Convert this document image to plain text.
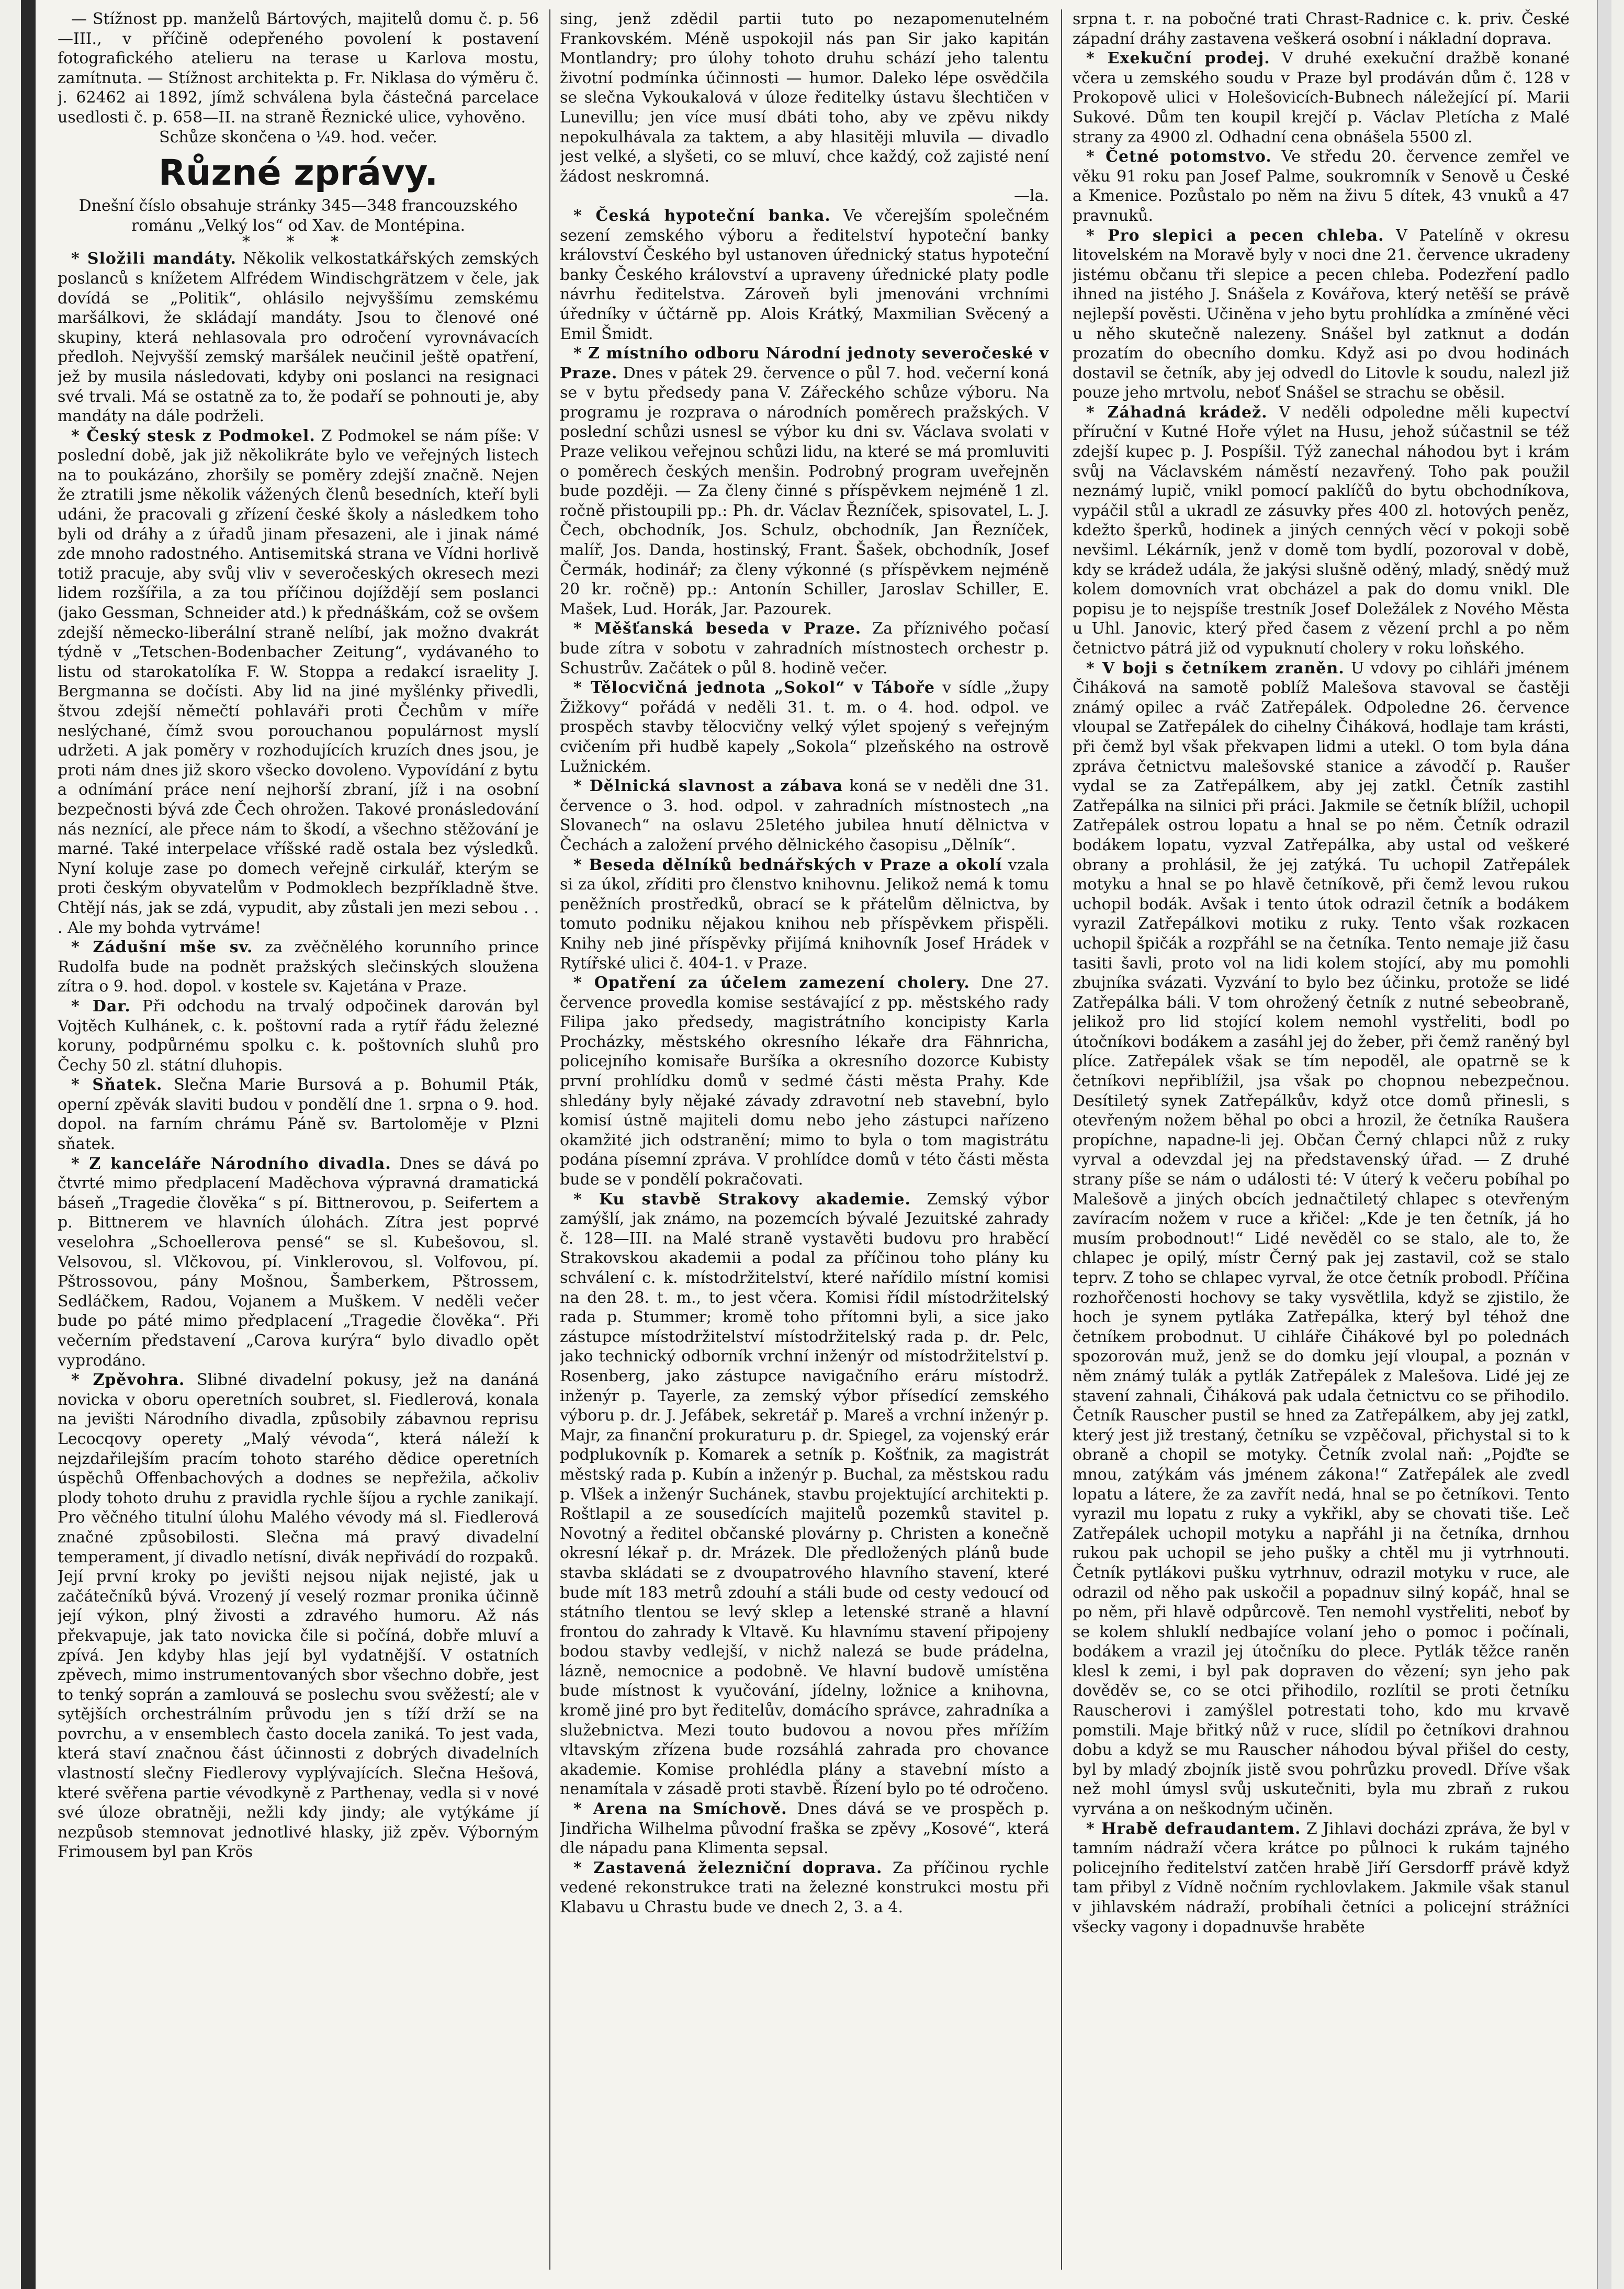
— Stížnost pp. manželů Bártových, majitelů domu č. p. 56—III., v příčině odepřeného povolení k postavení fotografického atelieru na terase u Karlova mostu, zamítnuta. — Stížnost architekta p. Fr. Niklasa do výměru č. j. 62462 ai 1892, jímž schválena byla částečná parcelace usedlosti č. p. 658—II. na straně Řeznické ulice, vyhověno.

Schůze skončena o ¼9. hod. večer.

Různé zprávy.

Dnešní číslo obsahuje stránky 345—348 francouzského románu „Velký los“ od Xav. de Montépina.

* * *

* Složili mandáty. Několik velkostatkářských zemských poslanců s knížetem Alfrédem Windischgrätzem v čele, jak dovídá se „Politik“, ohlásilo nejvyššímu zemskému maršálkovi, že skládají mandáty. Jsou to členové oné skupiny, která nehlasovala pro odročení vyrovnávacích předloh. Nejvyšší zemský maršálek neučinil ještě opatření, jež by musila následovati, kdyby oni poslanci na resignaci své trvali. Má se ostatně za to, že podaří se pohnouti je, aby mandáty na dále podrželi.

* Český stesk z Podmokel. Z Podmokel se nám píše: V poslední době, jak již několikráte bylo ve veřejných listech na to poukázáno, zhoršily se poměry zdejší značně. Nejen že ztratili jsme několik vážených členů besedních, kteří byli udáni, že pracovali g zřízení české školy a následkem toho byli od dráhy a z úřadů jinam přesazeni, ale i jinak námé zde mnoho radostného. Antisemitská strana ve Vídni horlivě totiž pracuje, aby svůj vliv v severočeských okresech mezi lidem rozšířila, a za tou příčinou dojíždějí sem poslanci (jako Gessman, Schneider atd.) k přednáškám, což se ovšem zdejší německo-liberální straně nelíbí, jak možno dvakrát týdně v „Tetschen-Bodenbacher Zeitung“, vydávaného to listu od starokatolíka F. W. Stoppa a redakcí israelity J. Bergmanna se dočísti. Aby lid na jiné myšlénky přivedli, štvou zdejší němečtí pohlaváři proti Čechům v míře neslýchané, čímž svou porouchanou populárnost myslí udržeti. A jak poměry v rozhodujících kruzích dnes jsou, je proti nám dnes již skoro všecko dovoleno. Vypovídání z bytu a odnímání práce není nejhorší zbraní, jíž i na osobní bezpečnosti bývá zde Čech ohrožen. Takové pronásledování nás neznící, ale přece nám to škodí, a všechno stěžování je marné. Také interpelace vříšské radě ostala bez výsledků. Nyní koluje zase po domech veřejně cirkulář, kterým se proti českým obyvatelům v Podmoklech bezpříkladně štve. Chtějí nás, jak se zdá, vypudit, aby zůstali jen mezi sebou . . . Ale my bohda vytrváme!

* Zádušní mše sv. za zvěčnělého korunního prince Rudolfa bude na podnět pražských slečinských sloužena zítra o 9. hod. dopol. v kostele sv. Kajetána v Praze.

* Dar. Při odchodu na trvalý odpočinek darován byl Vojtěch Kulhánek, c. k. poštovní rada a rytíř řádu železné koruny, podpůrnému spolku c. k. poštovních sluhů pro Čechy 50 zl. státní dluhopis.

* Sňatek. Slečna Marie Bursová a p. Bohumil Pták, operní zpěvák slaviti budou v pondělí dne 1. srpna o 9. hod. dopol. na farním chrámu Páně sv. Bartoloměje v Plzni sňatek.

* Z kanceláře Národního divadla. Dnes se dává po čtvrté mimo předplacení Maděchova výpravná dramatická báseň „Tragedie člověka“ s pí. Bittnerovou, p. Seifertem a p. Bittnerem ve hlavních úlohách. Zítra jest poprvé veselohra „Schoellerova pensé“ se sl. Kubešovou, sl. Velsovou, sl. Vlčkovou, pí. Vinklerovou, sl. Volfovou, pí. Pštrossovou, pány Mošnou, Šamberkem, Pštrossem, Sedláčkem, Radou, Vojanem a Muškem. V neděli večer bude po páté mimo předplacení „Tragedie člověka“. Při večerním představení „Carova kurýra“ bylo divadlo opět vyprodáno.

* Zpěvohra. Slibné divadelní pokusy, jež na danáná novicka v oboru operetních soubret, sl. Fiedlerová, konala na jevišti Národního divadla, způsobily zábavnou reprisu Lecocqovy operety „Malý vévoda“, která náleží k nejzdařilejším pracím tohoto starého dědice operetních úspěchů Offenbachových a dodnes se nepřežila, ačkoliv plody tohoto druhu z pravidla rychle šíjou a rychle zanikají. Pro věčného titulní úlohu Malého vévody má sl. Fiedlerová značné způsobilosti. Slečna má pravý divadelní temperament, jí divadlo netísní, divák nepřivádí do rozpaků. Její první kroky po jevišti nejsou nijak nejisté, jak u začátečníků bývá. Vrozený jí veselý rozmar pronika účinně její výkon, plný živosti a zdravého humoru. Až nás překvapuje, jak tato novicka čile si počíná, dobře mluví a zpívá. Jen kdyby hlas její byl vydatnější. V ostatních zpěvech, mimo instrumentovaných sbor všechno dobře, jest to tenký soprán a zamlouvá se poslechu svou svěžestí; ale v sytějších orchestrálním průvodu jen s tíží drží se na povrchu, a v ensemblech často docela zaniká. To jest vada, která staví značnou část účinnosti z dobrých divadelních vlastností slečny Fiedlerovy vyplývajících. Slečna Hešová, které svěřena partie vévodkyně z Parthenay, vedla si v nové své úloze obratněji, nežli kdy jindy; ale vytýkáme jí nezpůsob stemnovat jednotlivé hlasky, již zpěv. Výborným Frimousem byl pan Krös

sing, jenž zdědil partii tuto po nezapomenutelném Frankovském. Méně uspokojil nás pan Sir jako kapitán Montlandry; pro úlohy tohoto druhu schází jeho talentu životní podmínka účinnosti — humor. Daleko lépe osvědčila se slečna Vykoukalová v úloze ředitelky ústavu šlechtičen v Lunevillu; jen více musí dbáti toho, aby ve zpěvu nikdy nepokulhávala za taktem, a aby hlasitěji mluvila — divadlo jest velké, a slyšeti, co se mluví, chce každý, což zajisté není žádost neskromná.

—la.

* Česká hypoteční banka. Ve včerejším společném sezení zemského výboru a ředitelství hypoteční banky království Českého byl ustanoven úřednický status hypoteční banky Českého království a upraveny úřednické platy podle návrhu ředitelstva. Zároveň byli jmenováni vrchními úředníky v účtárně pp. Alois Krátký, Maxmilian Svěcený a Emil Šmidt.

* Z místního odboru Národní jednoty severočeské v Praze. Dnes v pátek 29. července o půl 7. hod. večerní koná se v bytu předsedy pana V. Zářeckého schůze výboru. Na programu je rozprava o národních poměrech pražských. V poslední schůzi usnesl se výbor ku dni sv. Václava svolati v Praze velikou veřejnou schůzi lidu, na které se má promluviti o poměrech českých menšin. Podrobný program uveřejněn bude později. — Za členy činné s příspěvkem nejméně 1 zl. ročně přistoupili pp.: Ph. dr. Václav Řezníček, spisovatel, L. J. Čech, obchodník, Jos. Schulz, obchodník, Jan Řezníček, malíř, Jos. Danda, hostinský, Frant. Šašek, obchodník, Josef Čermák, hodinář; za členy výkonné (s příspěvkem nejméně 20 kr. ročně) pp.: Antonín Schiller, Jaroslav Schiller, E. Mašek, Lud. Horák, Jar. Pazourek.

* Měšťanská beseda v Praze. Za příznivého počasí bude zítra v sobotu v zahradních místnostech orchestr p. Schustrův. Začátek o půl 8. hodině večer.

* Tělocvičná jednota „Sokol“ v Táboře v sídle „župy Žižkovy“ pořádá v neděli 31. t. m. o 4. hod. odpol. ve prospěch stavby tělocvičny velký výlet spojený s veřejným cvičením při hudbě kapely „Sokola“ plzeňského na ostrově Lužnickém.

* Dělnická slavnost a zábava koná se v neděli dne 31. července o 3. hod. odpol. v zahradních místnostech „na Slovanech“ na oslavu 25letého jubilea hnutí dělnictva v Čechách a založení prvého dělnického časopisu „Dělník“.

* Beseda dělníků bednářských v Praze a okolí vzala si za úkol, zříditi pro členstvo knihovnu. Jelikož nemá k tomu peněžních prostředků, obrací se k přátelům dělnictva, by tomuto podniku nějakou knihou neb příspěvkem přispěli. Knihy neb jiné příspěvky přijímá knihovník Josef Hrádek v Rytířské ulici č. 404-1. v Praze.

* Opatření za účelem zamezení cholery. Dne 27. července provedla komise sestávající z pp. městského rady Filipa jako předsedy, magistrátního koncipisty Karla Procházky, městského okresního lékaře dra Fähnricha, policejního komisaře Buršíka a okresního dozorce Kubisty první prohlídku domů v sedmé části města Prahy. Kde shledány byly nějaké závady zdravotní neb stavební, bylo komisí ústně majiteli domu nebo jeho zástupci nařízeno okamžité jich odstranění; mimo to byla o tom magistrátu podána písemní zpráva. V prohlídce domů v této části města bude se v pondělí pokračovati.

* Ku stavbě Strakovy akademie. Zemský výbor zamýšlí, jak známo, na pozemcích bývalé Jezuitské zahrady č. 128—III. na Malé straně vystavěti budovu pro hraběcí Strakovskou akademii a podal za příčinou toho plány ku schválení c. k. místodržitelství, které nařídilo místní komisi na den 28. t. m., to jest včera. Komisi řídil místodržitelský rada p. Stummer; kromě toho přítomni byli, a sice jako zástupce místodržitelství místodržitelský rada p. dr. Pelc, jako technický odborník vrchní inženýr od místodržitelství p. Rosenberg, jako zástupce navigačního eráru místodrž. inženýr p. Tayerle, za zemský výbor přísedící zemského výboru p. dr. J. Jefábek, sekretář p. Mareš a vrchní inženýr p. Majr, za finanční prokuraturu p. dr. Spiegel, za vojenský erár podplukovník p. Komarek a setník p. Košťnik, za magistrát městský rada p. Kubín a inženýr p. Buchal, za městskou radu p. Vlšek a inženýr Suchánek, stavbu projektující architekti p. Roštlapil a ze sousedících majitelů pozemků stavitel p. Novotný a ředitel občanské plovárny p. Christen a konečně okresní lékař p. dr. Mrázek. Dle předložených plánů bude stavba skládati se z dvoupatrového hlavního stavení, které bude mít 183 metrů zdouhí a stáli bude od cesty vedoucí od státního tlentou se levý sklep a letenské straně a hlavní frontou do zahrady k Vltavě. Ku hlavnímu stavení připojeny bodou stavby vedlejší, v nichž nalezá se bude prádelna, lázně, nemocnice a podobně. Ve hlavní budově umístěna bude místnost k vyučování, jídelny, ložnice a knihovna, kromě jiné pro byt ředitelův, domácího správce, zahradníka a služebnictva. Mezi touto budovou a novou přes mřížím vltavským zřízena bude rozsáhlá zahrada pro chovance akademie. Komise prohlédla plány a stavební místo a nenamítala v zásadě proti stavbě. Řízení bylo po té odročeno.

* Arena na Smíchově. Dnes dává se ve prospěch p. Jindřicha Wilhelma původní fraška se zpěvy „Kosové“, která dle nápadu pana Klimenta sepsal.

* Zastavená železniční doprava. Za příčinou rychle vedené rekonstrukce trati na železné konstrukci mostu při Klabavu u Chrastu bude ve dnech 2, 3. a 4.

srpna t. r. na pobočné trati Chrast-Radnice c. k. priv. České západní dráhy zastavena veškerá osobní i nákladní doprava.

* Exekuční prodej. V druhé exekuční dražbě konané včera u zemského soudu v Praze byl prodáván dům č. 128 v Prokopově ulici v Holešovicích-Bubnech náležející pí. Marii Sukové. Dům ten koupil krejčí p. Václav Pletícha z Malé strany za 4900 zl. Odhadní cena obnášela 5500 zl.

* Četné potomstvo. Ve středu 20. července zemřel ve věku 91 roku pan Josef Palme, soukromník v Senově u České a Kmenice. Pozůstalo po něm na živu 5 dítek, 43 vnuků a 47 pravnuků.

* Pro slepici a pecen chleba. V Patelíně v okresu litovelském na Moravě byly v noci dne 21. července ukradeny jistému občanu tři slepice a pecen chleba. Podezření padlo ihned na jistého J. Snášela z Kovářova, který netěší se právě nejlepší pověsti. Učiněna v jeho bytu prohlídka a zmíněné věci u něho skutečně nalezeny. Snášel byl zatknut a dodán prozatím do obecního domku. Když asi po dvou hodinách dostavil se četník, aby jej odvedl do Litovle k soudu, nalezl již pouze jeho mrtvolu, neboť Snášel se strachu se oběsil.

* Záhadná krádež. V neděli odpoledne měli kupectví příruční v Kutné Hoře výlet na Husu, jehož súčastnil se též zdejší kupec p. J. Pospíšil. Týž zanechal náhodou byt i krám svůj na Václavském náměstí nezavřený. Toho pak použil neznámý lupič, vnikl pomocí paklíčů do bytu obchodníkova, vypáčil stůl a ukradl ze zásuvky přes 400 zl. hotových peněz, kdežto šperků, hodinek a jiných cenných věcí v pokoji sobě nevšiml. Lékárník, jenž v domě tom bydlí, pozoroval v době, kdy se krádež udála, že jakýsi slušně oděný, mladý, snědý muž kolem domovních vrat obcházel a pak do domu vnikl. Dle popisu je to nejspíše trestník Josef Doležálek z Nového Města u Uhl. Janovic, který před časem z vězení prchl a po něm četnictvo pátrá již od vypuknutí cholery v roku loňského.

* V boji s četníkem zraněn. U vdovy po cihláři jménem Čiháková na samotě poblíž Malešova stavoval se častěji známý opilec a rváč Zatřepálek. Odpoledne 26. července vloupal se Zatřepálek do cihelny Čiháková, hodlaje tam krásti, při čemž byl však překvapen lidmi a utekl. O tom byla dána zpráva četnictvu malešovské stanice a závodčí p. Raušer vydal se za Zatřepálkem, aby jej zatkl. Četník zastihl Zatřepálka na silnici při práci. Jakmile se četník blížil, uchopil Zatřepálek ostrou lopatu a hnal se po něm. Četník odrazil bodákem lopatu, vyzval Zatřepálka, aby ustal od veškeré obrany a prohlásil, že jej zatýká. Tu uchopil Zatřepálek motyku a hnal se po hlavě četníkově, při čemž levou rukou uchopil bodák. Avšak i tento útok odrazil četník a bodákem vyrazil Zatřepálkovi motiku z ruky. Tento však rozkacen uchopil špičák a rozpřáhl se na četníka. Tento nemaje již času tasiti šavli, proto vol na lidi kolem stojící, aby mu pomohli zbujníka svázati. Vyzvání to bylo bez účinku, protože se lidé Zatřepálka báli. V tom ohrožený četník z nutné sebeobraně, jelikož pro lid stojící kolem nemohl vystřeliti, bodl po útočníkovi bodákem a zasáhl jej do žeber, při čemž raněný byl plíce. Zatřepálek však se tím nepoděl, ale opatrně se k četníkovi nepřiblížil, jsa však po chopnou nebezpečnou. Desítiletý synek Zatřepálkův, když otce domů přinesli, s otevřeným nožem běhal po obci a hrozil, že četníka Raušera propíchne, napadne-li jej. Občan Černý chlapci nůž z ruky vyrval a odevzdal jej na představenský úřad. — Z druhé strany píše se nám o události té: V úterý k večeru pobíhal po Malešově a jiných obcích jednačtiletý chlapec s otevřeným zavíracím nožem v ruce a křičel: „Kde je ten četník, já ho musím probodnout!“ Lidé nevěděl co se stalo, ale to, že chlapec je opilý, místr Černý pak jej zastavil, což se stalo teprv. Z toho se chlapec vyrval, že otce četník probodl. Příčina rozhořčenosti hochovy se taky vysvětlila, když se zjistilo, že hoch je synem pytláka Zatřepálka, který byl téhož dne četníkem probodnut. U cihláře Čihákové byl po polednách spozorován muž, jenž se do domku její vloupal, a poznán v něm známý tulák a pytlák Zatřepálek z Malešova. Lidé jej ze stavení zahnali, Čiháková pak udala četnictvu co se přihodilo. Četník Rauscher pustil se hned za Zatřepálkem, aby jej zatkl, který jest již trestaný, četníku se vzpěčoval, přichystal si to k obraně a chopil se motyky. Četník zvolal naň: „Pojďte se mnou, zatýkám vás jménem zákona!“ Zatřepálek ale zvedl lopatu a látere, že za zavřít nedá, hnal se po četníkovi. Tento vyrazil mu lopatu z ruky a vykřikl, aby se chovati tiše. Leč Zatřepálek uchopil motyku a napřáhl ji na četníka, drnhou rukou pak uchopil se jeho pušky a chtěl mu ji vytrhnouti. Četník pytlákovi pušku vytrhnuv, odrazil motyku v ruce, ale odrazil od něho pak uskočil a popadnuv silný kopáč, hnal se po něm, při hlavě odpůrcově. Ten nemohl vystřeliti, neboť by se kolem shluklí nedbajíce volaní jeho o pomoc i počínali, bodákem a vrazil jej útočníku do plece. Pytlák těžce raněn klesl k zemi, i byl pak dopraven do vězení; syn jeho pak dověděv se, co se otci přihodilo, rozlítil se proti četníku Rauscherovi i zamýšlel potrestati toho, kdo mu krvavě pomstili. Maje břitký nůž v ruce, slídil po četníkovi drahnou dobu a když se mu Rauscher náhodou býval přišel do cesty, byl by mladý zbojník jistě svou pohrůzku provedl. Dříve však než mohl úmysl svůj uskutečniti, byla mu zbraň z rukou vyrvána a on neškodným učiněn.

* Hrabě defraudantem. Z Jihlavi docházi zpráva, že byl v tamním nádraží včera krátce po půlnoci k rukám tajného policejního ředitelství zatčen hrabě Jiří Gersdorff právě když tam přibyl z Vídně nočním rychlovlakem. Jakmile však stanul v jihlavském nádraží, probíhali četníci a policejní strážníci všecky vagony i dopadnuvše hraběte
